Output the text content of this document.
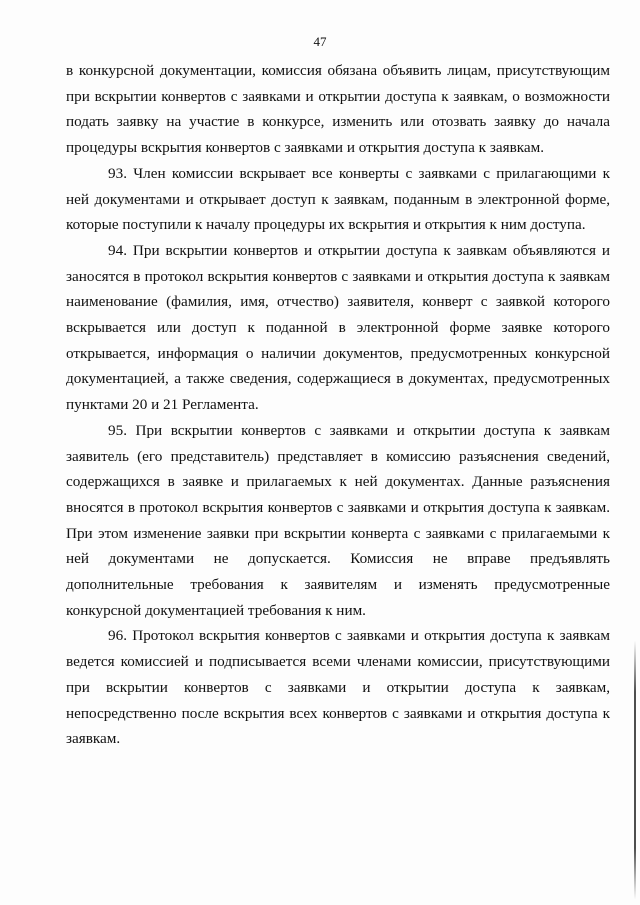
47

в конкурсной документации, комиссия обязана объявить лицам, присутствующим при вскрытии конвертов с заявками и открытии доступа к заявкам, о возможности подать заявку на участие в конкурсе, изменить или отозвать заявку до начала процедуры вскрытия конвертов с заявками и открытия доступа к заявкам.

93. Член комиссии вскрывает все конверты с заявками с прилагающими к ней документами и открывает доступ к заявкам, поданным в электронной форме, которые поступили к началу процедуры их вскрытия и открытия к ним доступа.

94. При вскрытии конвертов и открытии доступа к заявкам объявляются и заносятся в протокол вскрытия конвертов с заявками и открытия доступа к заявкам наименование (фамилия, имя, отчество) заявителя, конверт с заявкой которого вскрывается или доступ к поданной в электронной форме заявке которого открывается, информация о наличии документов, предусмотренных конкурсной документацией, а также сведения, содержащиеся в документах, предусмотренных пунктами 20 и 21 Регламента.

95. При вскрытии конвертов с заявками и открытии доступа к заявкам заявитель (его представитель) представляет в комиссию разъяснения сведений, содержащихся в заявке и прилагаемых к ней документах. Данные разъяснения вносятся в протокол вскрытия конвертов с заявками и открытия доступа к заявкам. При этом изменение заявки при вскрытии конверта с заявками с прилагаемыми к ней документами не допускается. Комиссия не вправе предъявлять дополнительные требования к заявителям и изменять предусмотренные конкурсной документацией требования к ним.

96. Протокол вскрытия конвертов с заявками и открытия доступа к заявкам ведется комиссией и подписывается всеми членами комиссии, присутствующими при вскрытии конвертов с заявками и открытии доступа к заявкам, непосредственно после вскрытия всех конвертов с заявками и открытия доступа к заявкам.
